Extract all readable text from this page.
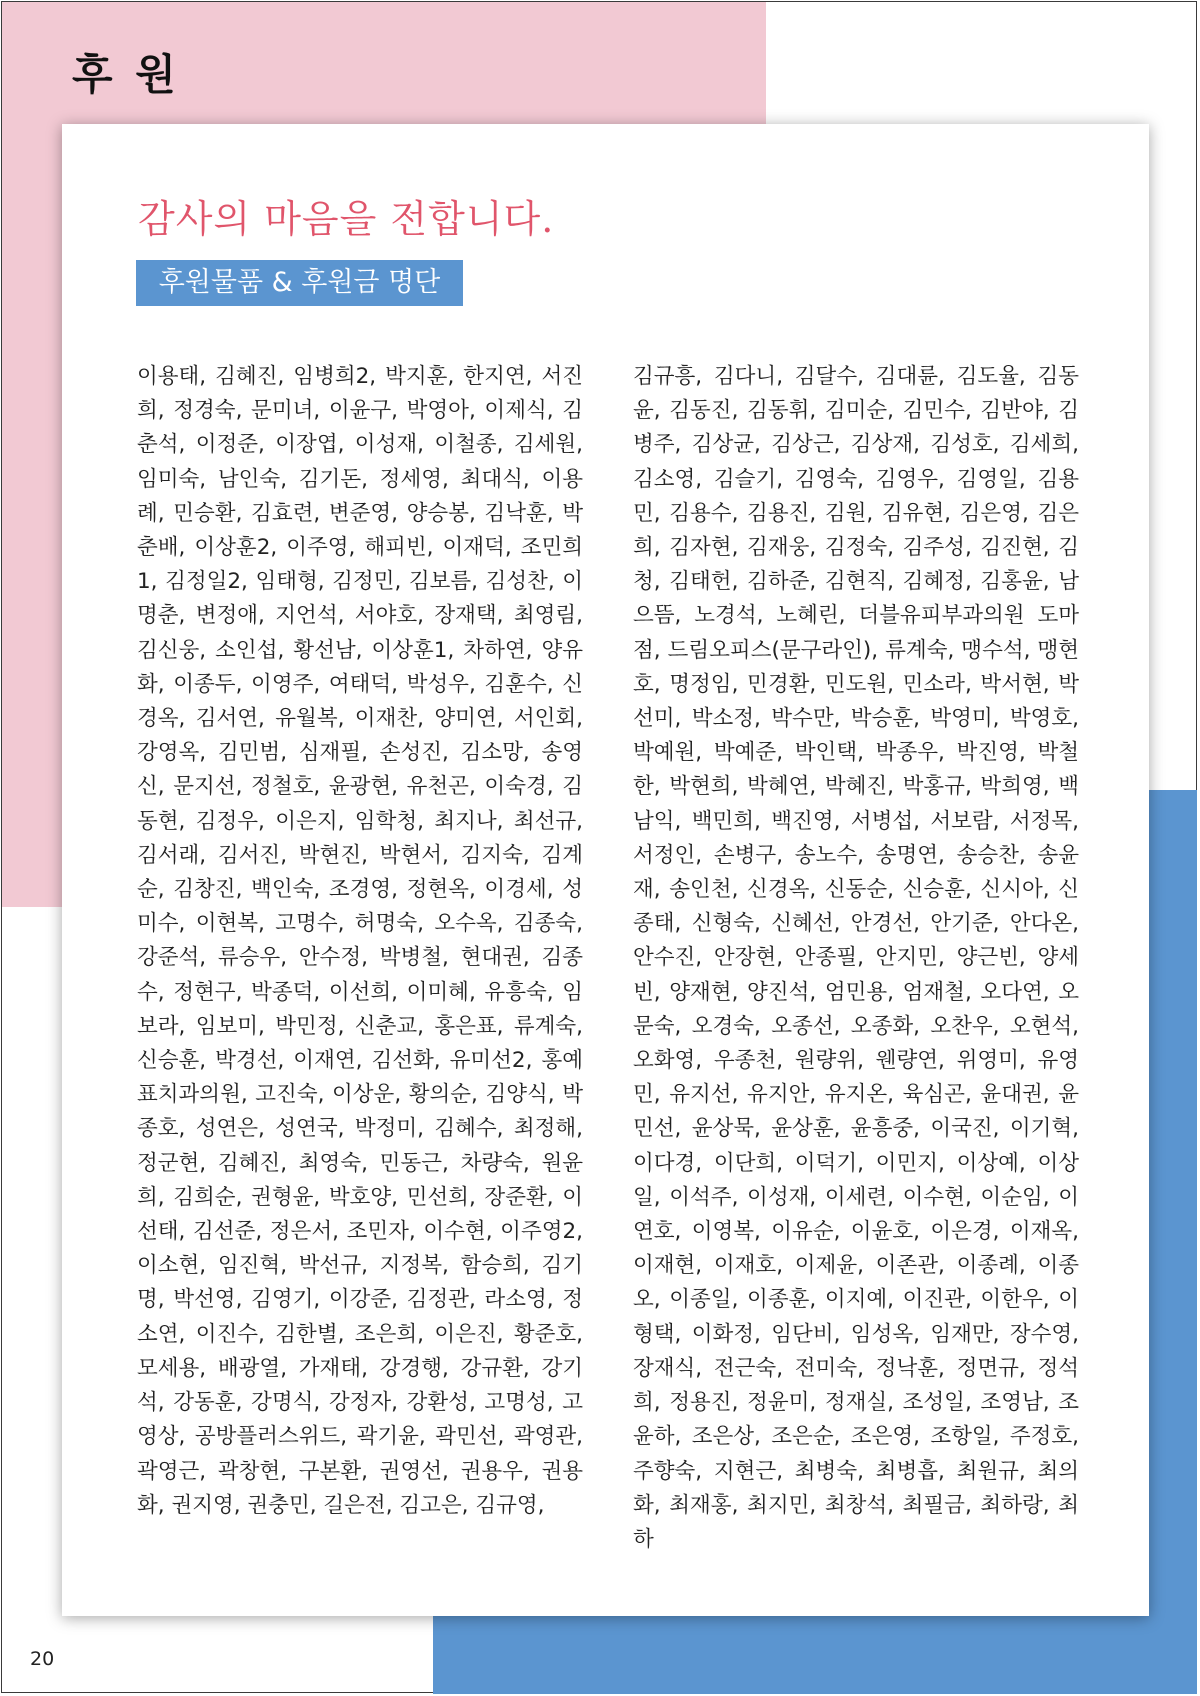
후 원
감사의 마음을 전합니다.
후원물품 & 후원금 명단

이용태, 김혜진, 임병희2, 박지훈, 한지연, 서진희, 정경숙, 문미녀, 이윤구, 박영아, 이제식, 김춘석, 이정준, 이장엽, 이성재, 이철종, 김세원, 임미숙, 남인숙, 김기돈, 정세영, 최대식, 이용례, 민승환, 김효련, 변준영, 양승봉, 김낙훈, 박춘배, 이상훈2, 이주영, 해피빈, 이재덕, 조민희1, 김정일2, 임태형, 김정민, 김보름, 김성찬, 이명춘, 변정애, 지언석, 서야호, 장재택, 최영림, 김신웅, 소인섭, 황선남, 이상훈1, 차하연, 양유화, 이종두, 이영주, 여태덕, 박성우, 김훈수, 신경옥, 김서연, 유월복, 이재찬, 양미연, 서인회, 강영옥, 김민범, 심재필, 손성진, 김소망, 송영신, 문지선, 정철호, 윤광현, 유천곤, 이숙경, 김동현, 김정우, 이은지, 임학청, 최지나, 최선규, 김서래, 김서진, 박현진, 박현서, 김지숙, 김계순, 김창진, 백인숙, 조경영, 정현옥, 이경세, 성미수, 이현복, 고명수, 허명숙, 오수옥, 김종숙, 강준석, 류승우, 안수정, 박병철, 현대권, 김종수, 정현구, 박종덕, 이선희, 이미혜, 유흥숙, 임보라, 임보미, 박민정, 신춘교, 홍은표, 류계숙, 신승훈, 박경선, 이재연, 김선화, 유미선2, 홍예표치과의원, 고진숙, 이상운, 황의순, 김양식, 박종호, 성연은, 성연국, 박정미, 김혜수, 최정해, 정군현, 김혜진, 최영숙, 민동근, 차량숙, 원윤희, 김희순, 권형윤, 박호양, 민선희, 장준환, 이선태, 김선준, 정은서, 조민자, 이수현, 이주영2, 이소현, 임진혁, 박선규, 지정복, 함승희, 김기명, 박선영, 김영기, 이강준, 김정관, 라소영, 정소연, 이진수, 김한별, 조은희, 이은진, 황준호, 모세용, 배광열, 가재태, 강경행, 강규환, 강기석, 강동훈, 강명식, 강정자, 강환성, 고명성, 고영상, 공방플러스위드, 곽기윤, 곽민선, 곽영관, 곽영근, 곽창현, 구본환, 권영선, 권용우, 권용화, 권지영, 권충민, 길은전, 김고은, 김규영,

김규흥, 김다니, 김달수, 김대륜, 김도율, 김동윤, 김동진, 김동휘, 김미순, 김민수, 김반야, 김병주, 김상균, 김상근, 김상재, 김성호, 김세희, 김소영, 김슬기, 김영숙, 김영우, 김영일, 김용민, 김용수, 김용진, 김원, 김유현, 김은영, 김은희, 김자현, 김재웅, 김정숙, 김주성, 김진현, 김청, 김태헌, 김하준, 김현직, 김혜정, 김홍윤, 남으뜸, 노경석, 노혜린, 더블유피부과의원 도마점, 드림오피스(문구라인), 류계숙, 맹수석, 맹현호, 명정임, 민경환, 민도원, 민소라, 박서현, 박선미, 박소정, 박수만, 박승훈, 박영미, 박영호, 박예원, 박예준, 박인택, 박종우, 박진영, 박철한, 박현희, 박혜연, 박혜진, 박홍규, 박희영, 백남익, 백민희, 백진영, 서병섭, 서보람, 서정목, 서정인, 손병구, 송노수, 송명연, 송승찬, 송윤재, 송인천, 신경옥, 신동순, 신승훈, 신시아, 신종태, 신형숙, 신혜선, 안경선, 안기준, 안다온, 안수진, 안장현, 안종필, 안지민, 양근빈, 양세빈, 양재현, 양진석, 엄민용, 엄재철, 오다연, 오문숙, 오경숙, 오종선, 오종화, 오찬우, 오현석, 오화영, 우종천, 원량위, 웬량연, 위영미, 유영민, 유지선, 유지안, 유지온, 육심곤, 윤대권, 윤민선, 윤상묵, 윤상훈, 윤흥중, 이국진, 이기혁, 이다경, 이단희, 이덕기, 이민지, 이상예, 이상일, 이석주, 이성재, 이세련, 이수현, 이순임, 이연호, 이영복, 이유순, 이윤호, 이은경, 이재옥, 이재현, 이재호, 이제윤, 이존관, 이종례, 이종오, 이종일, 이종훈, 이지예, 이진관, 이한우, 이형택, 이화정, 임단비, 임성옥, 임재만, 장수영, 장재식, 전근숙, 전미숙, 정낙훈, 정면규, 정석희, 정용진, 정윤미, 정재실, 조성일, 조영남, 조윤하, 조은상, 조은순, 조은영, 조항일, 주정호, 주향숙, 지현근, 최병숙, 최병흡, 최원규, 최의화, 최재홍, 최지민, 최창석, 최필금, 최하랑, 최하

20
